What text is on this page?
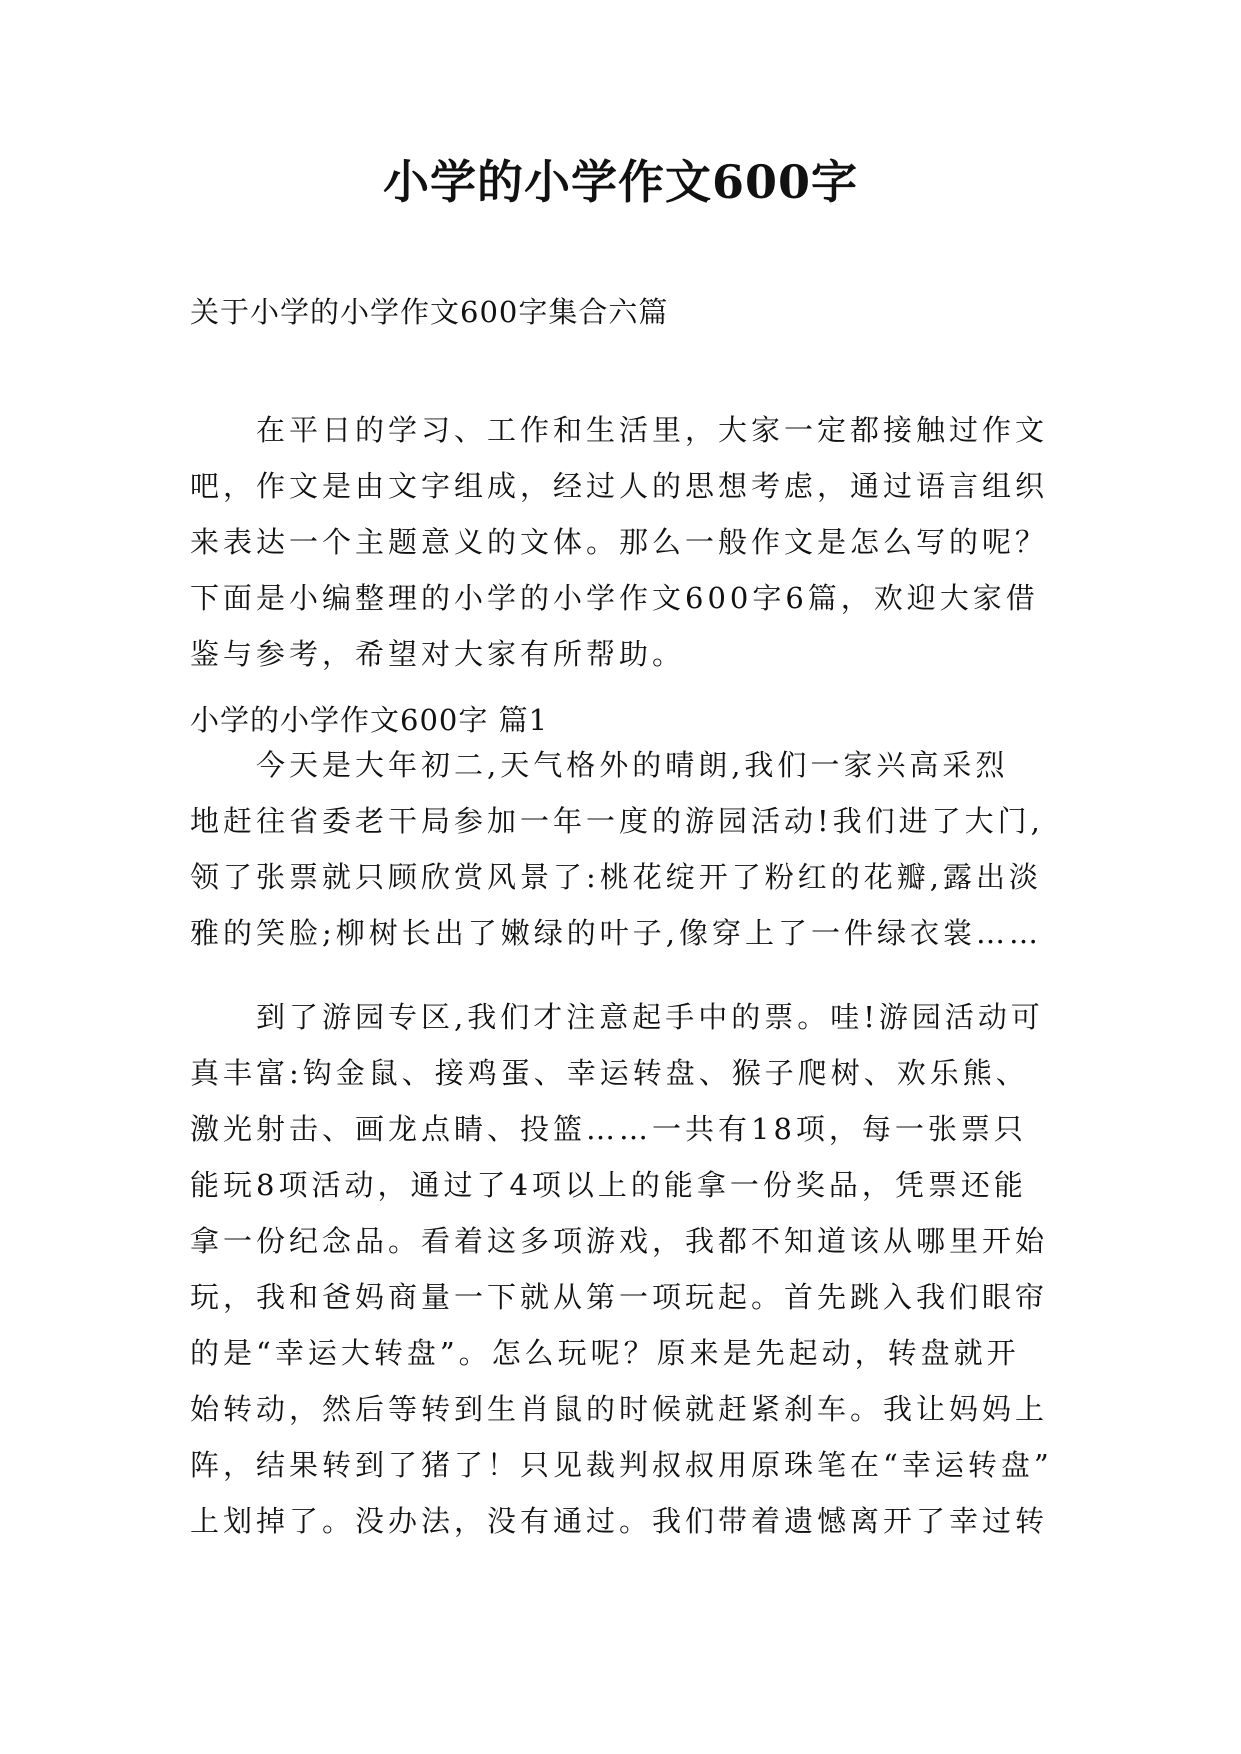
小学的小学作文600字
关于小学的小学作文600字集合六篇
在平日的学习、工作和生活里，大家一定都接触过作文
吧，作文是由文字组成，经过人的思想考虑，通过语言组织
来表达一个主题意义的文体。那么一般作文是怎么写的呢？
下面是小编整理的小学的小学作文600字6篇，欢迎大家借
鉴与参考，希望对大家有所帮助。
小学的小学作文600字 篇1
今天是大年初二,天气格外的晴朗,我们一家兴高采烈
地赶往省委老干局参加一年一度的游园活动!我们进了大门,
领了张票就只顾欣赏风景了:桃花绽开了粉红的花瓣,露出淡
雅的笑脸;柳树长出了嫩绿的叶子,像穿上了一件绿衣裳……
到了游园专区,我们才注意起手中的票。哇!游园活动可
真丰富:钩金鼠、接鸡蛋、幸运转盘、猴子爬树、欢乐熊、
激光射击、画龙点睛、投篮……一共有18项，每一张票只
能玩8项活动，通过了4项以上的能拿一份奖品，凭票还能
拿一份纪念品。看着这多项游戏，我都不知道该从哪里开始
玩，我和爸妈商量一下就从第一项玩起。首先跳入我们眼帘
的是“幸运大转盘”。怎么玩呢？原来是先起动，转盘就开
始转动，然后等转到生肖鼠的时候就赶紧刹车。我让妈妈上
阵，结果转到了猪了！只见裁判叔叔用原珠笔在“幸运转盘”
上划掉了。没办法，没有通过。我们带着遗憾离开了幸过转
